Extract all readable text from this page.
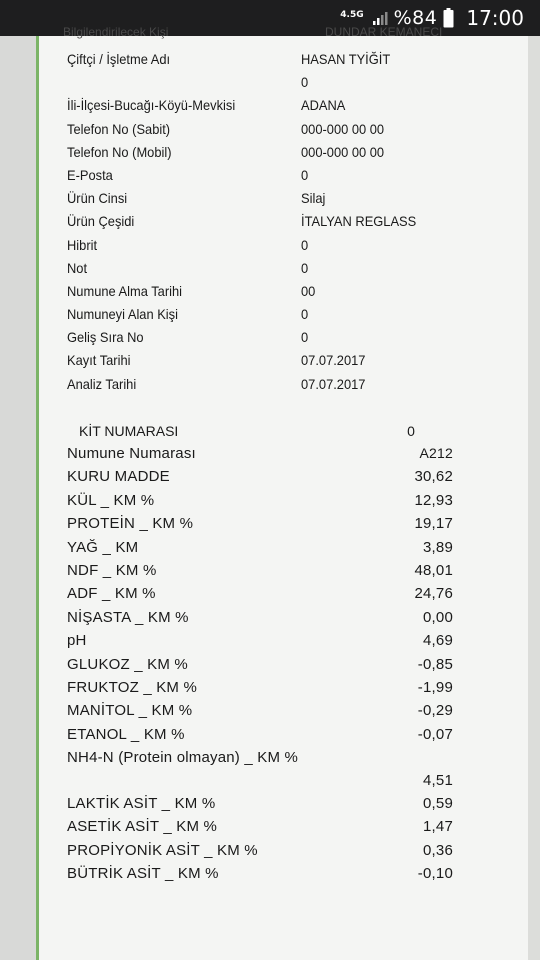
4.5G %84 17:00
Bilgilendirilecek Kişi	DUNDAR KEMANECI
Çiftçi / İşletme Adı	HASAN TYİĞİT
0
İli-İlçesi-Bucağı-Köyü-Mevkisi	ADANA
Telefon No (Sabit)	000-000 00 00
Telefon No (Mobil)	000-000 00 00
E-Posta	0
Ürün Cinsi	Silaj
Ürün Çeşidi	İTALYAN REGLASS
Hibrit	0
Not	0
Numune Alma Tarihi	00
Numuneyi Alan Kişi	0
Geliş Sıra No	0
Kayıt Tarihi	07.07.2017
Analiz Tarihi	07.07.2017
KİT NUMARASI	0
Numune Numarası	A212
KURU MADDE	30,62
KÜL _ KM %	12,93
PROTEİN _ KM %	19,17
YAĞ _ KM	3,89
NDF _ KM %	48,01
ADF _ KM %	24,76
NİŞASTA _ KM %	0,00
pH	4,69
GLUKOZ _ KM %	-0,85
FRUKTOZ _ KM %	-1,99
MANİTOL _ KM %	-0,29
ETANOL _ KM %	-0,07
NH4-N (Protein olmayan) _ KM %
4,51
LAKTİK ASİT _ KM %	0,59
ASETİK ASİT _ KM %	1,47
PROPİYONİK ASİT _ KM %	0,36
BÜTRİK ASİT _ KM %	-0,10
